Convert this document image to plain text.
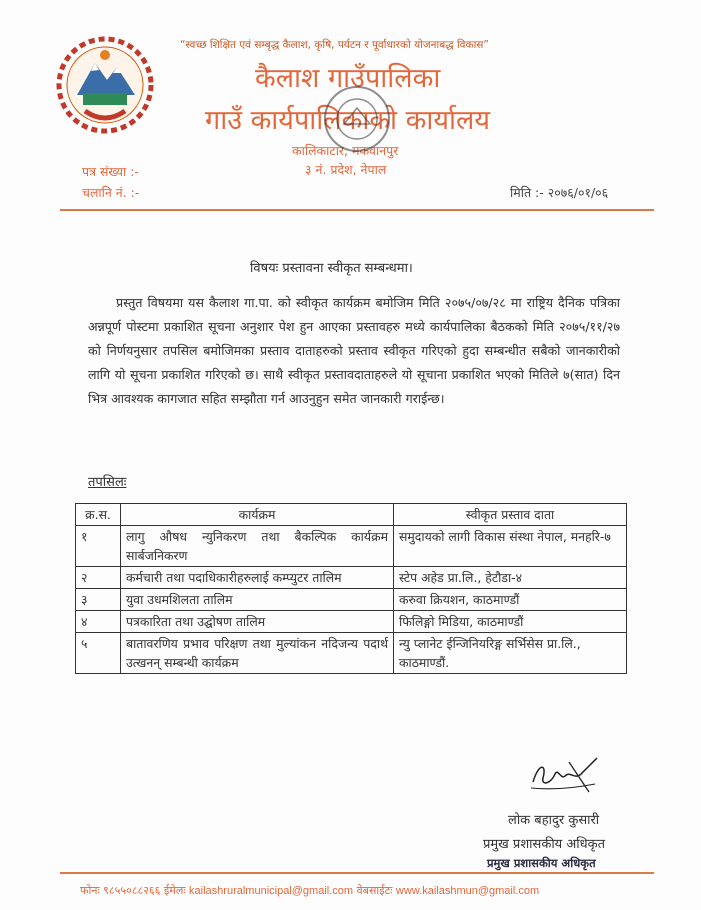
“स्वच्छ शिक्षित एवं सम्बृद्ध कैलाश, कृषि, पर्यटन र पूर्वाधारको योजनाबद्ध विकास”
कैलाश गाउँपालिका
गाउँ कार्यपालिकाको कार्यालय
कालिकाटार, मकवानपुर
३ नं. प्रदेश, नेपाल
पत्र संख्या :-
चलानि नं. :-	मिति :- २०७६/०१/०६
विषयः प्रस्तावना स्वीकृत सम्बन्धमा।
प्रस्तुत विषयमा यस कैलाश गा.पा. को स्वीकृत कार्यक्रम बमोजिम मिति २०७५/०७/२८ मा राष्ट्रिय दैनिक पत्रिका अन्नपूर्ण पोस्टमा प्रकाशित सूचना अनुशार पेश हुन आएका प्रस्तावहरु मध्ये कार्यपालिका बैठकको मिति २०७५/११/२७ को निर्णयनुसार तपसिल बमोजिमका प्रस्ताव दाताहरुको प्रस्ताव स्वीकृत गरिएको हुदा सम्बन्धीत सबैको जानकारीको लागि यो सूचना प्रकाशित गरिएको छ। साथै स्वीकृत प्रस्तावदाताहरुले यो सूचाना प्रकाशित भएको मितिले ७(सात) दिन भित्र आवश्यक कागजात सहित सम्झौता गर्न आउनुहुन समेत जानकारी गराईन्छ।
तपसिलः
क्र.स.	कार्यक्रम	स्वीकृत प्रस्ताव दाता
१	लागु औषध न्युनिकरण तथा बैकल्पिक कार्यक्रम सार्बजनिकरण	समुदायको लागी विकास संस्था नेपाल, मनहरि-७
२	कर्मचारी तथा पदाधिकारीहरुलाई कम्प्युटर तालिम	स्टेप अहेड प्रा.लि., हेटौडा-४
३	युवा उधमशिलता तालिम	करुवा क्रियशन, काठमाण्डौं
४	पत्रकारिता तथा उद्घोषण तालिम	फिलिङ्गो मिडिया, काठमाण्डौं
५	बातावरणिय प्रभाव परिक्षण तथा मुल्यांकन नदिजन्य पदार्थ उत्खनन् सम्बन्धी कार्यक्रम	न्यु प्लानेट ईन्जिनियरिङ्ग सर्भिसेस प्रा.लि., काठमाण्डौं.
लोक बहादुर कुसारी
प्रमुख प्रशासकीय अधिकृत
प्रमुख प्रशासकीय अधिकृत
फोनः ९८५५०८८२६६ ईमेलः kailashruralmunicipal@gmail.com वेबसाईटः www.kailashmun@gmail.com
